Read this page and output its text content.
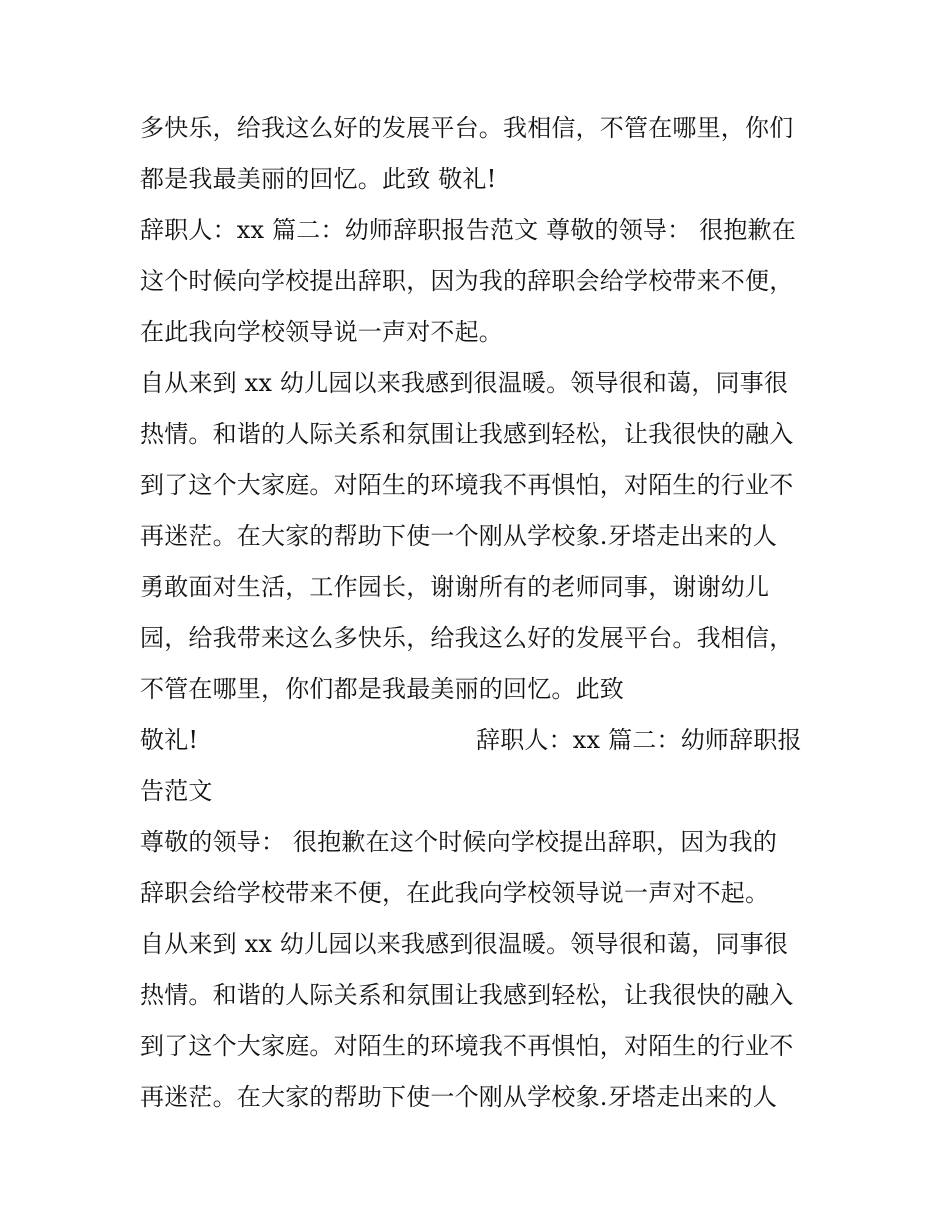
多快乐，给我这么好的发展平台。我相信，不管在哪里，你们
都是我最美丽的回忆。此致 敬礼!
辞职人：xx 篇二：幼师辞职报告范文 尊敬的领导： 很抱歉在
这个时候向学校提出辞职，因为我的辞职会给学校带来不便，
在此我向学校领导说一声对不起。
自从来到 xx 幼儿园以来我感到很温暖。领导很和蔼，同事很
热情。和谐的人际关系和氛围让我感到轻松，让我很快的融入
到了这个大家庭。对陌生的环境我不再惧怕，对陌生的行业不
再迷茫。在大家的帮助下使一个刚从学校象.牙塔走出来的人
勇敢面对生活，工作园长，谢谢所有的老师同事，谢谢幼儿
园，给我带来这么多快乐，给我这么好的发展平台。我相信，
不管在哪里，你们都是我最美丽的回忆。此致
敬礼!	辞职人：xx 篇二：幼师辞职报
告范文
尊敬的领导： 很抱歉在这个时候向学校提出辞职，因为我的
辞职会给学校带来不便，在此我向学校领导说一声对不起。
自从来到 xx 幼儿园以来我感到很温暖。领导很和蔼，同事很
热情。和谐的人际关系和氛围让我感到轻松，让我很快的融入
到了这个大家庭。对陌生的环境我不再惧怕，对陌生的行业不
再迷茫。在大家的帮助下使一个刚从学校象.牙塔走出来的人
